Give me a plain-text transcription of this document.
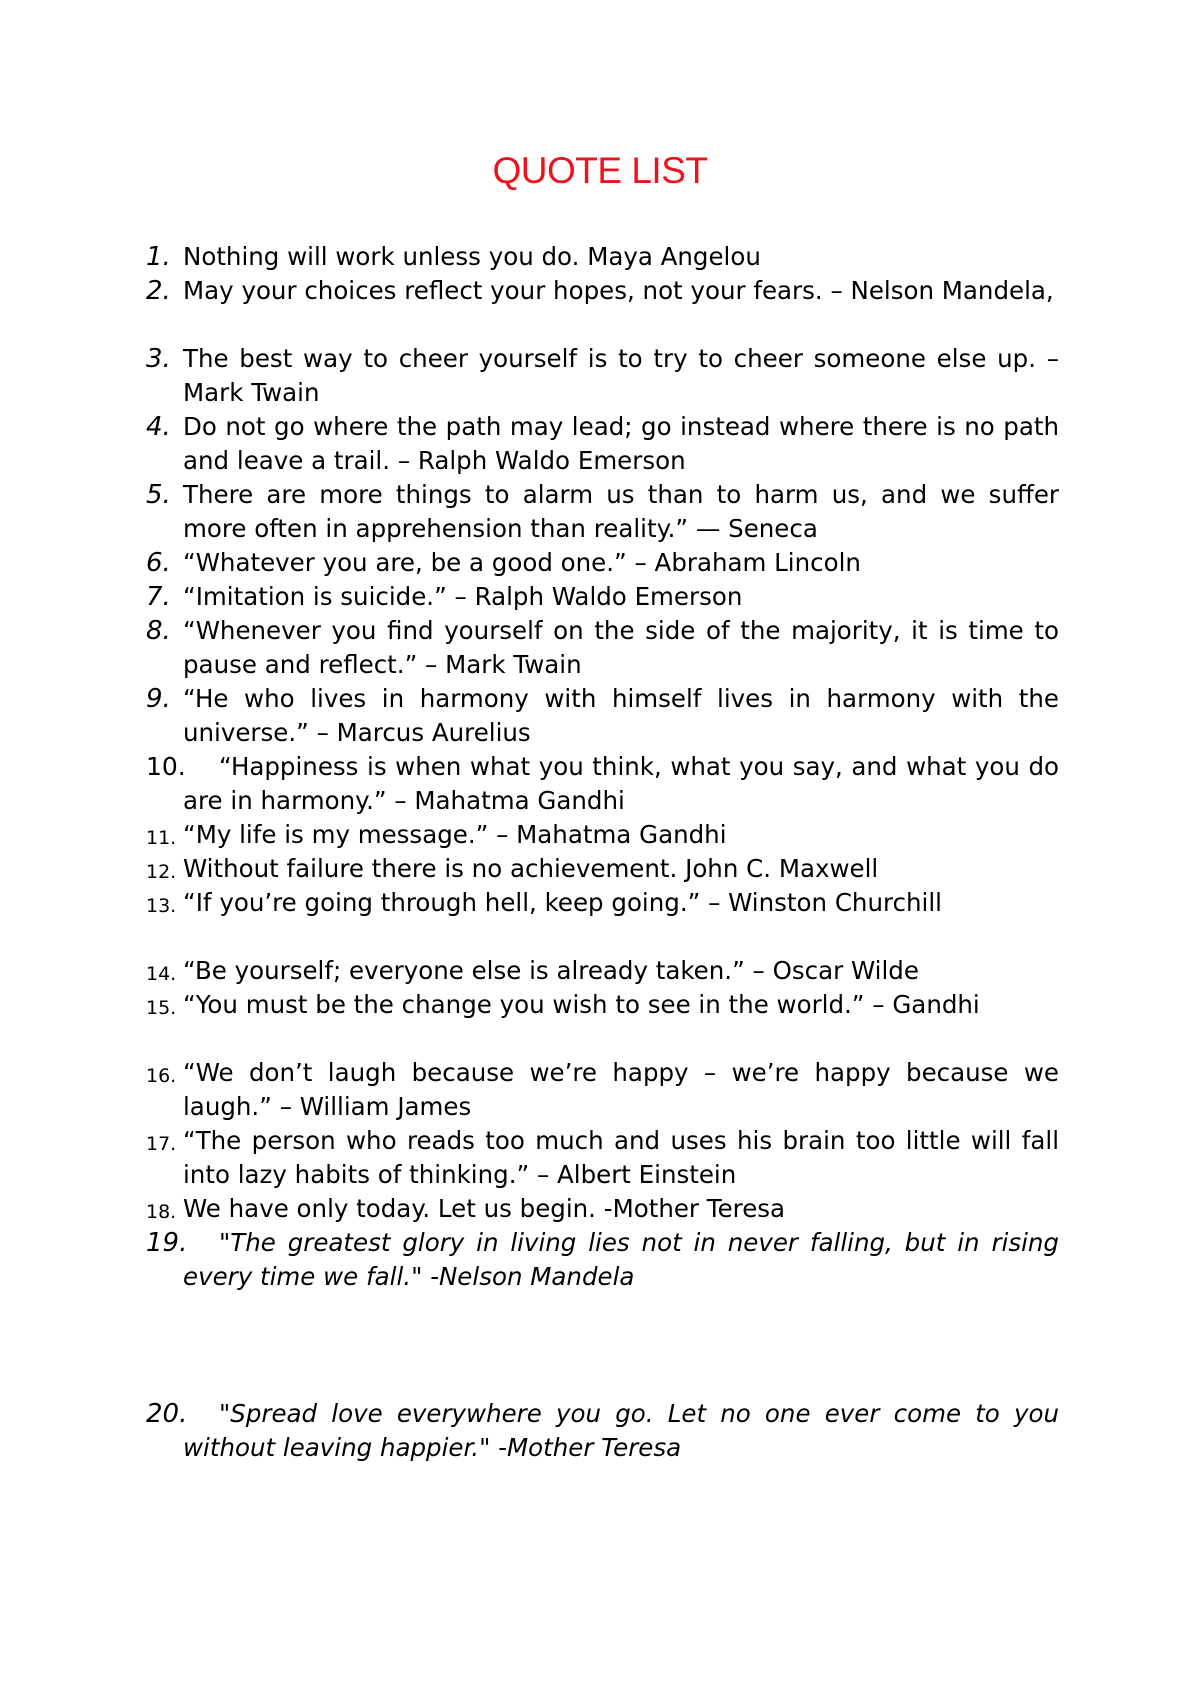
QUOTE LIST
1. Nothing will work unless you do. Maya Angelou

2. May your choices reflect your hopes, not your fears. – Nelson Mandela,

3. The best way to cheer yourself is to try to cheer someone else up. – Mark Twain

4. Do not go where the path may lead; go instead where there is no path and leave a trail. – Ralph Waldo Emerson

5. There are more things to alarm us than to harm us, and we suffer more often in apprehension than reality.” — Seneca

6. “Whatever you are, be a good one.” – Abraham Lincoln

7. “Imitation is suicide.” – Ralph Waldo Emerson

8. “Whenever you find yourself on the side of the majority, it is time to pause and reflect.” – Mark Twain

9. “He who lives in harmony with himself lives in harmony with the universe.” – Marcus Aurelius

10.	“Happiness is when what you think, what you say, and what you do are in harmony.” – Mahatma Gandhi

11. “My life is my message.” – Mahatma Gandhi

12. Without failure there is no achievement. John C. Maxwell

13. “If you’re going through hell, keep going.” – Winston Churchill

14. “Be yourself; everyone else is already taken.” – Oscar Wilde

15. “You must be the change you wish to see in the world.” – Gandhi

16. “We don’t laugh because we’re happy – we’re happy because we laugh.” – William James

17. “The person who reads too much and uses his brain too little will fall into lazy habits of thinking.” – Albert Einstein

18. We have only today. Let us begin. -Mother Teresa

19.	"The greatest glory in living lies not in never falling, but in rising every time we fall." -Nelson Mandela

20.	"Spread love everywhere you go. Let no one ever come to you without leaving happier." -Mother Teresa
